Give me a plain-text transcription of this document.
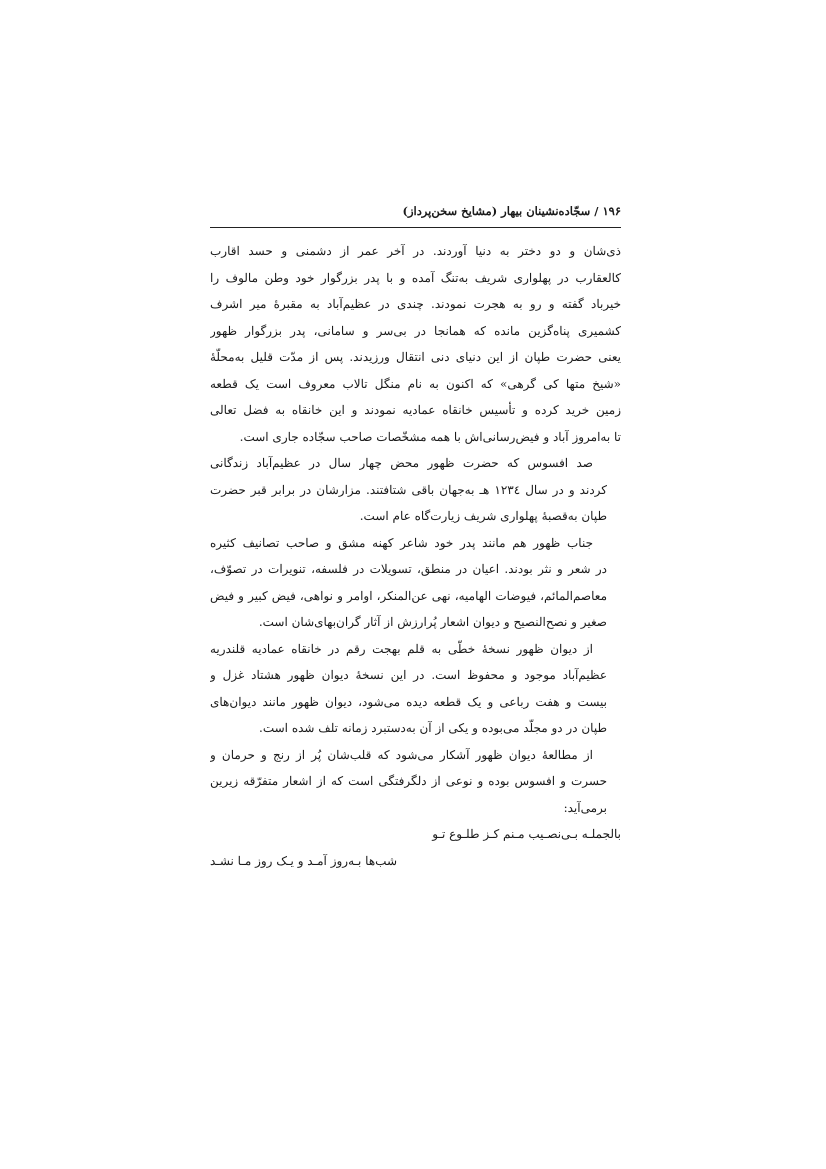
۱۹۶ / سجّاده‌نشینان بیهار (مشایخ سخن‌پرداز)
ذی‌شان و دو دختر به دنیا آوردند. در آخر عمر از دشمنی و حسد اقارب
کالعقارب در پهلواری شریف به‌تنگ آمده و با پدر بزرگوار خود وطن مالوف را
خیرباد گفته و رو به هجرت نمودند. چندی در عظیم‌آباد به مقبرهٔ میر اشرف
کشمیری پناه‌گزین مانده که همانجا در بی‌سر و سامانی، پدر بزرگوار ظهور
یعنی حضرت طپان از این دنیای دنی انتقال ورزیدند. پس از مدّت قلیل به‌محلّهٔ
«شیخ متها کی گرهی» که اکنون به نام منگل تالاب معروف است یک قطعه
زمین خرید کرده و تأسیس خانقاه عمادیه نمودند و این خانقاه به فضل تعالی
تا به‌امروز آباد و فیض‌رسانی‌اش با همه مشخّصات صاحب سجّاده جاری است.
صد افسوس که حضرت ظهور محض چهار سال در عظیم‌آباد زندگانی
کردند و در سال ۱۲۳٤ هـ به‌جهان باقی شتافتند. مزارشان در برابر قبر حضرت
طپان به‌قصبهٔ پهلواری شریف زیارت‌گاه عام است.
جناب ظهور هم مانند پدر خود شاعر کهنه مشق و صاحب تصانیف کثیره
در شعر و نثر بودند. اعیان در منطق، تسویلات در فلسفه، تنویرات در تصوّف،
معاصم‌المائم، فیوضات الهامیه، نهی عن‌المنکر، اوامر و نواهی، فیض کبیر و فیض
صغیر و نصح‌النصیح و دیوان اشعار پُرارزش از آثار گران‌بهای‌شان است.
از دیوان ظهور نسخهٔ خطّی به قلم بهجت رقم در خانقاه عمادیه قلندریه
عظیم‌آباد موجود و محفوظ است. در این نسخهٔ دیوان ظهور هشتاد غزل و
بیست و هفت رباعی و یک قطعه دیده می‌شود، دیوان ظهور مانند دیوان‌های
طپان در دو مجلّد می‌بوده و یکی از آن به‌دستبرد زمانه تلف شده است.
از مطالعهٔ دیوان ظهور آشکار می‌شود که قلب‌شان پُر از رنج و حرمان و
حسرت و افسوس بوده و نوعی از دلگرفتگی است که از اشعار متفرّقه زیرین
برمی‌آید:
بالجملـه بـی‌نصـیب مـنم کـز طلـوع تـو
شب‌ها بـه‌روز آمـد و یـک روز مـا نشـد
